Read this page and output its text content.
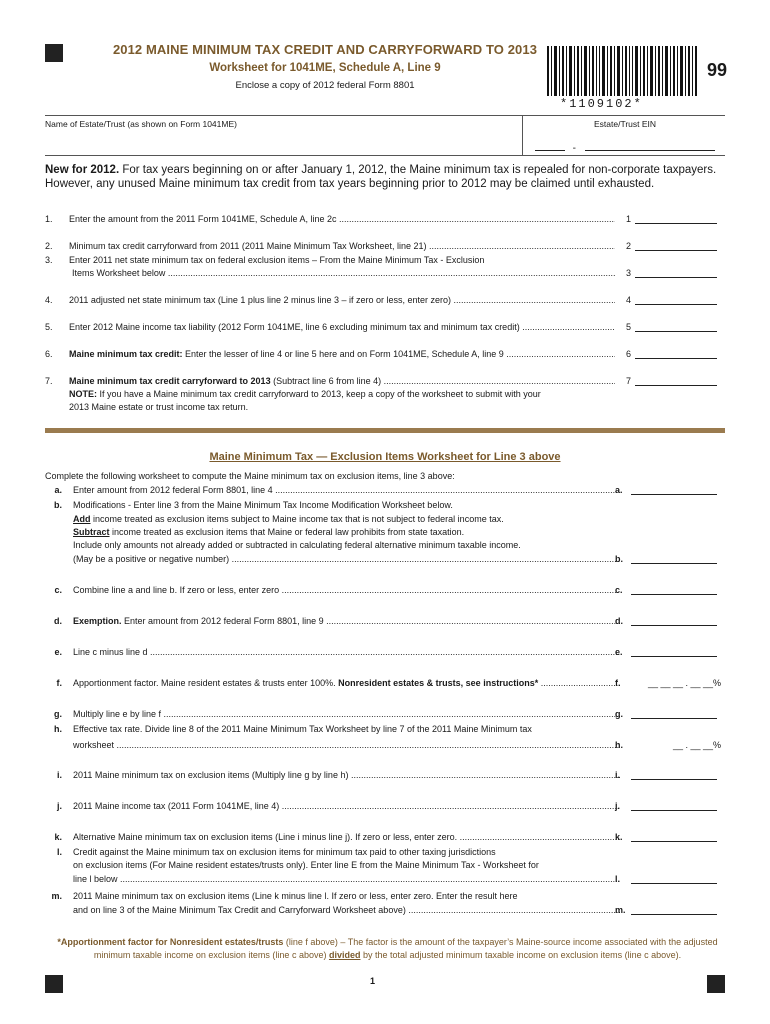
2012 MAINE MINIMUM TAX CREDIT AND CARRYFORWARD TO 2013
Worksheet for 1041ME, Schedule A, Line 9
Enclose a copy of 2012 federal Form 8801
*1109102*
99
Name of Estate/Trust (as shown on Form 1041ME)	Estate/Trust EIN
-
New for 2012. For tax years beginning on or after January 1, 2012, the Maine minimum tax is repealed for non-corporate taxpayers. However, any unused Maine minimum tax credit from tax years beginning prior to 2012 may be claimed until exhausted.
1. Enter the amount from the 2011 Form 1041ME, Schedule A, line 2c .....	1
2. Minimum tax credit carryforward from 2011 (2011 Maine Minimum Tax Worksheet, line 21) .....	2
3. Enter 2011 net state minimum tax on federal exclusion items – From the Maine Minimum Tax - Exclusion
Items Worksheet below .....	3
4. 2011 adjusted net state minimum tax (Line 1 plus line 2 minus line 3 – if zero or less, enter zero) .....	4
5. Enter 2012 Maine income tax liability (2012 Form 1041ME, line 6 excluding minimum tax and minimum tax credit) .....	5
6. Maine minimum tax credit: Enter the lesser of line 4 or line 5 here and on Form 1041ME, Schedule A, line 9 .....	6
7. Maine minimum tax credit carryforward to 2013 (Subtract line 6 from line 4) .....	7
NOTE: If you have a Maine minimum tax credit carryforward to 2013, keep a copy of the worksheet to submit with your
2013 Maine estate or trust income tax return.
Maine Minimum Tax — Exclusion Items Worksheet for Line 3 above
Complete the following worksheet to compute the Maine minimum tax on exclusion items, line 3 above:
a. Enter amount from 2012 federal Form 8801, line 4 .....	a.
b. Modifications - Enter line 3 from the Maine Minimum Tax Income Modification Worksheet below.
Add income treated as exclusion items subject to Maine income tax that is not subject to federal income tax.
Subtract income treated as exclusion items that Maine or federal law prohibits from state taxation.
Include only amounts not already added or subtracted in calculating federal alternative minimum taxable income.
(May be a positive or negative number) .....	b.
c. Combine line a and line b. If zero or less, enter zero .....	c.
d. Exemption. Enter amount from 2012 federal Form 8801, line 9 .....	d.
e. Line c minus line d .....	e.
f. Apportionment factor. Maine resident estates & trusts enter 100%. Nonresident estates & trusts, see instructions* .....	f.	__ __ __ . __ __%
g. Multiply line e by line f .....	g.
h. Effective tax rate. Divide line 8 of the 2011 Maine Minimum Tax Worksheet by line 7 of the 2011 Maine Minimum tax
worksheet .....	h.	__ . __ __%
i. 2011 Maine minimum tax on exclusion items (Multiply line g by line h) .....	i.
j. 2011 Maine income tax (2011 Form 1041ME, line 4) .....	j.
k. Alternative Maine minimum tax on exclusion items (Line i minus line j). If zero or less, enter zero. .....	k.
l. Credit against the Maine minimum tax on exclusion items for minimum tax paid to other taxing jurisdictions
on exclusion items (For Maine resident estates/trusts only). Enter line E from the Maine Minimum Tax - Worksheet for
line l below .....	l.
m. 2011 Maine minimum tax on exclusion items (Line k minus line l. If zero or less, enter zero. Enter the result here
and on line 3 of the Maine Minimum Tax Credit and Carryforward Worksheet above) .....	m.
*Apportionment factor for Nonresident estates/trusts (line f above) – The factor is the amount of the taxpayer’s Maine-source income associated with the adjusted minimum taxable income on exclusion items (line c above) divided by the total adjusted minimum taxable income on exclusion items (line c above).
1
